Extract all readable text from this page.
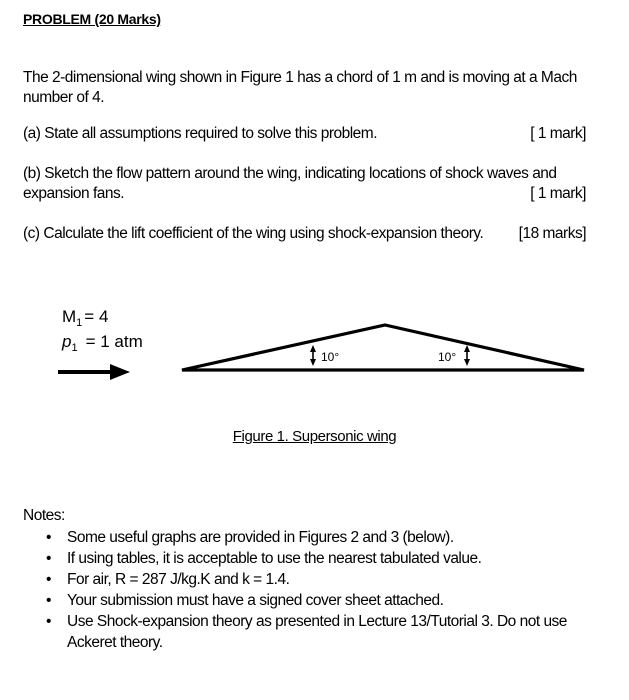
PROBLEM (20 Marks)
The 2-dimensional wing shown in Figure 1 has a chord of 1 m and is moving at a Mach number of 4.
(a) State all assumptions required to solve this problem.	[ 1 mark]
(b) Sketch the flow pattern around the wing, indicating locations of shock waves and
expansion fans.	[ 1 mark]
(c) Calculate the lift coefficient of the wing using shock-expansion theory. [18 marks]
$M_1 = 4$
$p_1 = 1$ atm
10°	10°
Figure 1. Supersonic wing
Notes:
• Some useful graphs are provided in Figures 2 and 3 (below).
• If using tables, it is acceptable to use the nearest tabulated value.
• For air, R = 287 J/kg.K and k = 1.4.
• Your submission must have a signed cover sheet attached.
• Use Shock-expansion theory as presented in Lecture 13/Tutorial 3. Do not use
Ackeret theory.
